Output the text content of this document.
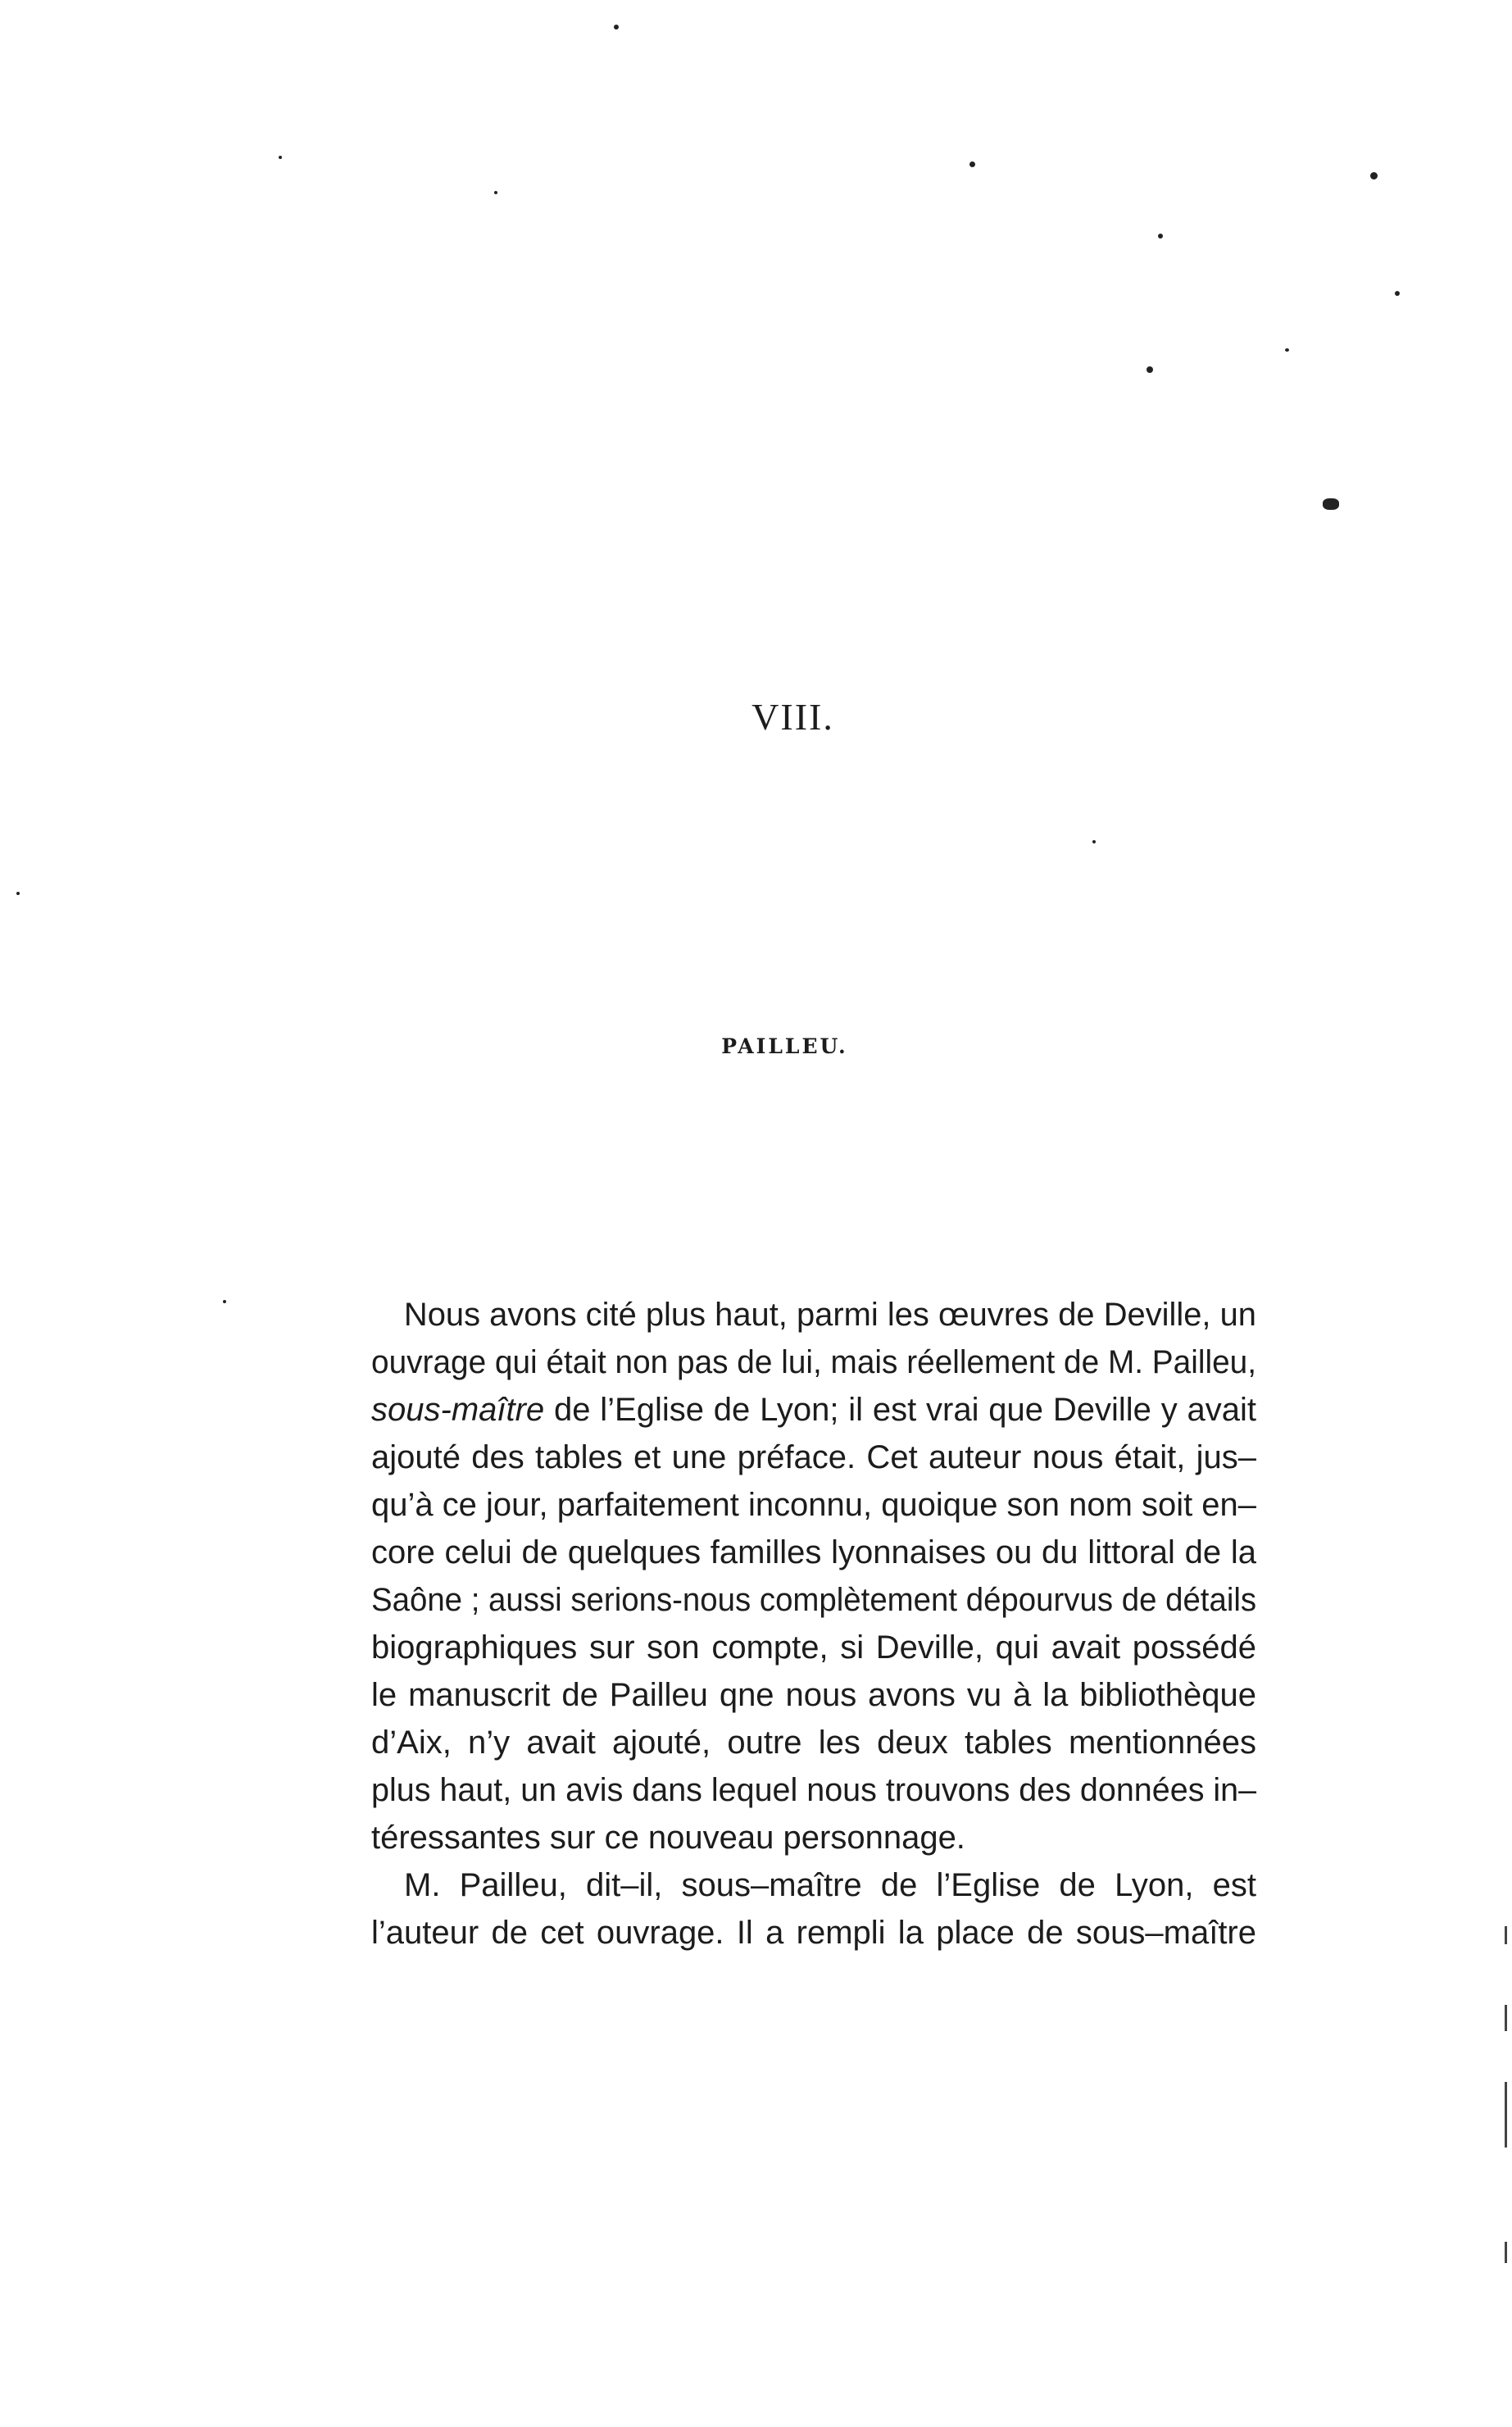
VIII.
PAILLEU.
Nous avons cité plus haut, parmi les œuvres de Deville, un
ouvrage qui était non pas de lui, mais réellement de M. Pailleu,
sous-maître de l’Eglise de Lyon; il est vrai que Deville y avait
ajouté des tables et une préface. Cet auteur nous était, jus–
qu’à ce jour, parfaitement inconnu, quoique son nom soit en–
core celui de quelques familles lyonnaises ou du littoral de la
Saône ; aussi serions-nous complètement dépourvus de détails
biographiques sur son compte, si Deville, qui avait possédé
le manuscrit de Pailleu qne nous avons vu à la bibliothèque
d’Aix, n’y avait ajouté, outre les deux tables mentionnées
plus haut, un avis dans lequel nous trouvons des données in–
téressantes sur ce nouveau personnage.
M. Pailleu, dit–il, sous–maître de l’Eglise de Lyon, est
l’auteur de cet ouvrage. Il a rempli la place de sous–maître
